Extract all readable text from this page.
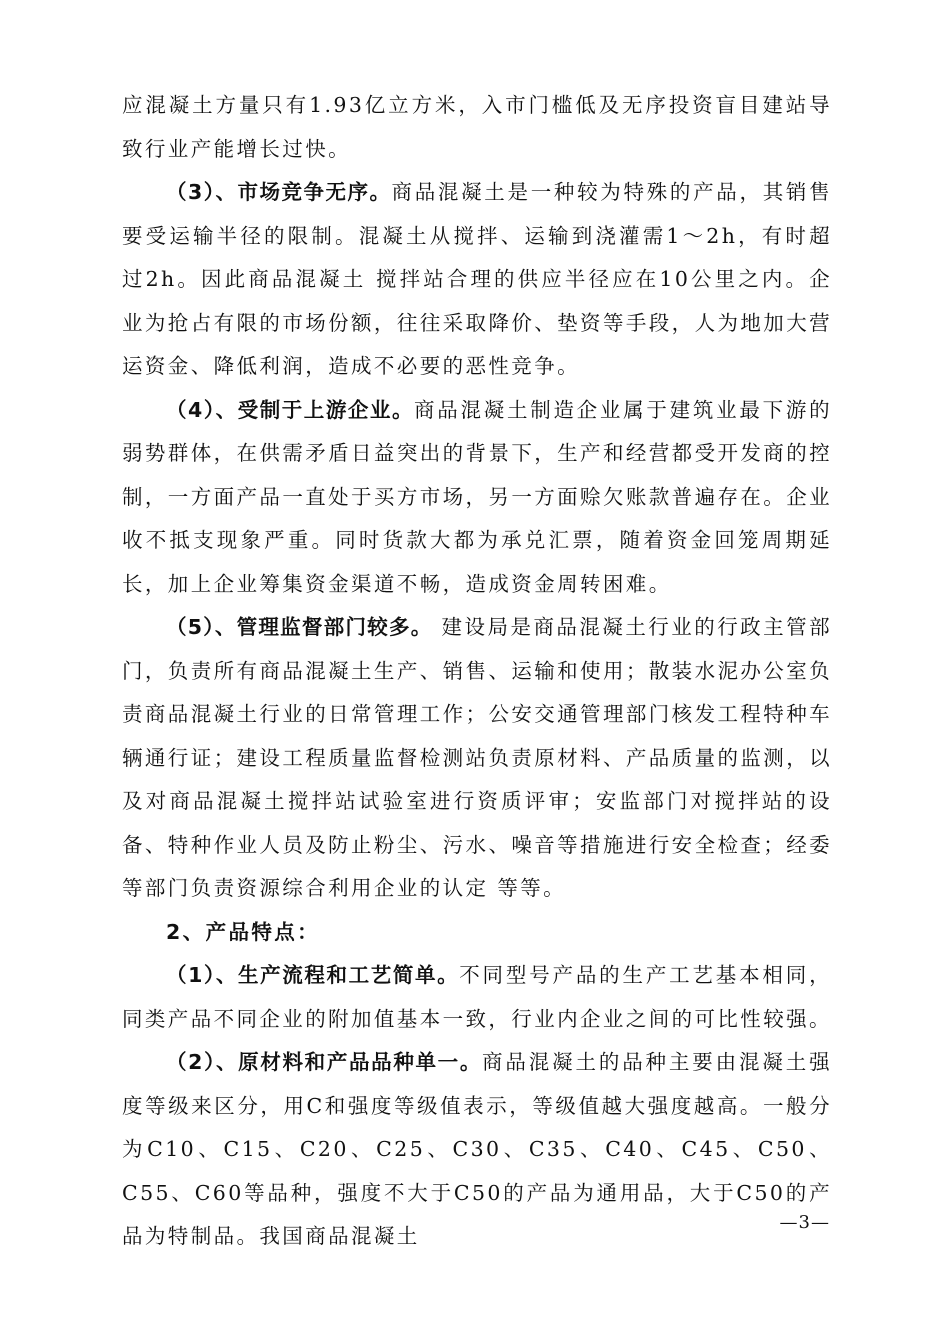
应混凝土方量只有1.93亿立方米，入市门槛低及无序投资盲目建站导致行业产能增长过快。

（3）、市场竞争无序。商品混凝土是一种较为特殊的产品，其销售要受运输半径的限制。混凝土从搅拌、运输到浇灌需1～2h，有时超过2h。因此商品混凝土 搅拌站合理的供应半径应在10公里之内。企业为抢占有限的市场份额，往往采取降价、垫资等手段，人为地加大营运资金、降低利润，造成不必要的恶性竞争。

（4）、受制于上游企业。商品混凝土制造企业属于建筑业最下游的弱势群体，在供需矛盾日益突出的背景下，生产和经营都受开发商的控制，一方面产品一直处于买方市场，另一方面赊欠账款普遍存在。企业收不抵支现象严重。同时货款大都为承兑汇票，随着资金回笼周期延长，加上企业筹集资金渠道不畅，造成资金周转困难。

（5）、管理监督部门较多。 建设局是商品混凝土行业的行政主管部门，负责所有商品混凝土生产、销售、运输和使用；散装水泥办公室负责商品混凝土行业的日常管理工作；公安交通管理部门核发工程特种车辆通行证；建设工程质量监督检测站负责原材料、产品质量的监测，以及对商品混凝土搅拌站试验室进行资质评审；安监部门对搅拌站的设备、特种作业人员及防止粉尘、污水、噪音等措施进行安全检查；经委等部门负责资源综合利用企业的认定 等等。

2、产品特点：

（1）、生产流程和工艺简单。不同型号产品的生产工艺基本相同，同类产品不同企业的附加值基本一致，行业内企业之间的可比性较强。

（2）、原材料和产品品种单一。商品混凝土的品种主要由混凝土强度等级来区分，用C和强度等级值表示，等级值越大强度越高。一般分为C10、C15、C20、C25、C30、C35、C40、C45、C50、C55、C60等品种，强度不大于C50的产品为通用品，大于C50的产品为特制品。我国商品混凝土

—3—
